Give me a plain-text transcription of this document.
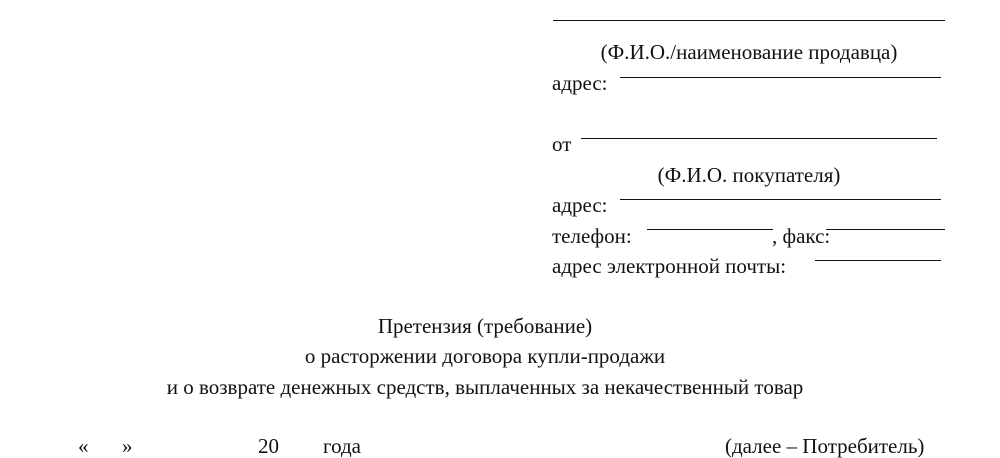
(Ф.И.О./наименование продавца)
адрес:
от
(Ф.И.О. покупателя)
адрес:
телефон:	, факс:
адрес электронной почты:
Претензия (требование)
о расторжении договора купли-продажи
и о возврате денежных средств, выплаченных за некачественный товар
« »	20 года	(далее – Потребитель)
